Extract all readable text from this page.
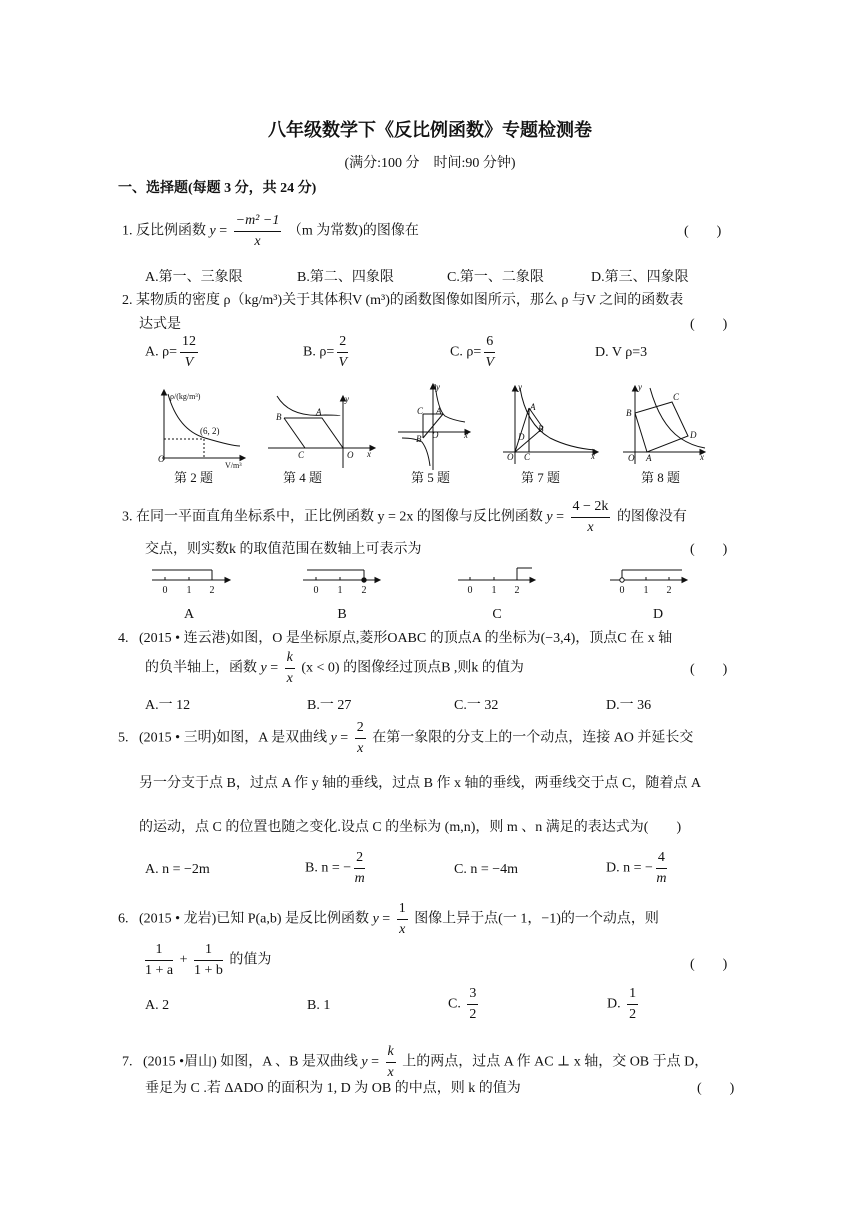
八年级数学下《反比例函数》专题检测卷
(满分:100 分　时间:90 分钟)
一、选择题(每题 3 分，共 24 分)
1. 反比例函数 $y = \frac{\text{−m² −1}}{x} (m$ 为常数)的图像在	(　　)
A.第一、三象限	B.第二、四象限	C.第一、二象限	D.第三、四象限
2. 某物质的密度 ρ（kg/m³)关于其体积V (m³)的函数图像如图所示，那么 ρ 与V 之间的函数表
达式是	(　　)
A. $\rho= \frac{12}{V}$	B. $\rho= \frac{2}{V}$	C. $\rho= \frac{6}{V}$	D. V ρ=3
ρ/(kg/m³)
(6, 2)
V/m³
O
B	A
C	O x
y
C A
B O	x
y
A
B
D
C
O	x
y
B
C
D
A
O	x
y
第 2 题	第 4 题	第 5 题	第 7 题	第 8 题
3. 在同一平面直角坐标系中，正比例函数 y = 2x 的图像与反比例函数 $y = \frac{4 - 2k}{x}$ 的图像没有
交点，则实数k 的取值范围在数轴上可表示为	(　　)
0 1 2	0 1 2	0 1 2	0 1 2
A	B	C	D
4. (2015 • 连云港)如图，O 是坐标原点,菱形OABC 的顶点A 的坐标为(−3,4)，顶点C 在 x 轴
的负半轴上，函数 $y = \frac{k}{x} (x < 0)$ 的图像经过顶点B ,则k 的值为	(　　)
A.一 12	B.一 27	C.一 32	D.一 36
5. (2015 • 三明)如图，A 是双曲线 $y = \frac{2}{x}$ 在第一象限的分支上的一个动点，连接 AO 并延长交
另一分支于点 B，过点 A 作 y 轴的垂线，过点 B 作 x 轴的垂线，两垂线交于点 C，随着点 A
的运动，点 C 的位置也随之变化.设点 C 的坐标为 (m,n)，则 m 、n 满足的表达式为(　　)
A. n = −2m	B. n = − $\frac{2}{m}$	C. n = −4m	D. n = − $\frac{4}{m}$
6. (2015 • 龙岩)已知 P(a,b) 是反比例函数 $y = \frac{1}{x}$ 图像上异于点(一 1，−1)的一个动点，则
$\frac{1}{1 + a} + \frac{1}{1 + b}$ 的值为	(　　)
A. 2	B. 1	C. $\frac{3}{2}$	D. $\frac{1}{2}$
7. (2015 •眉山) 如图，A 、B 是双曲线 $y = \frac{k}{x}$ 上的两点，过点 A 作 AC ⊥ x 轴，交 OB 于点 D，
垂足为 C .若 ΔADO 的面积为 1, D 为 OB 的中点，则 k 的值为	(　　)
